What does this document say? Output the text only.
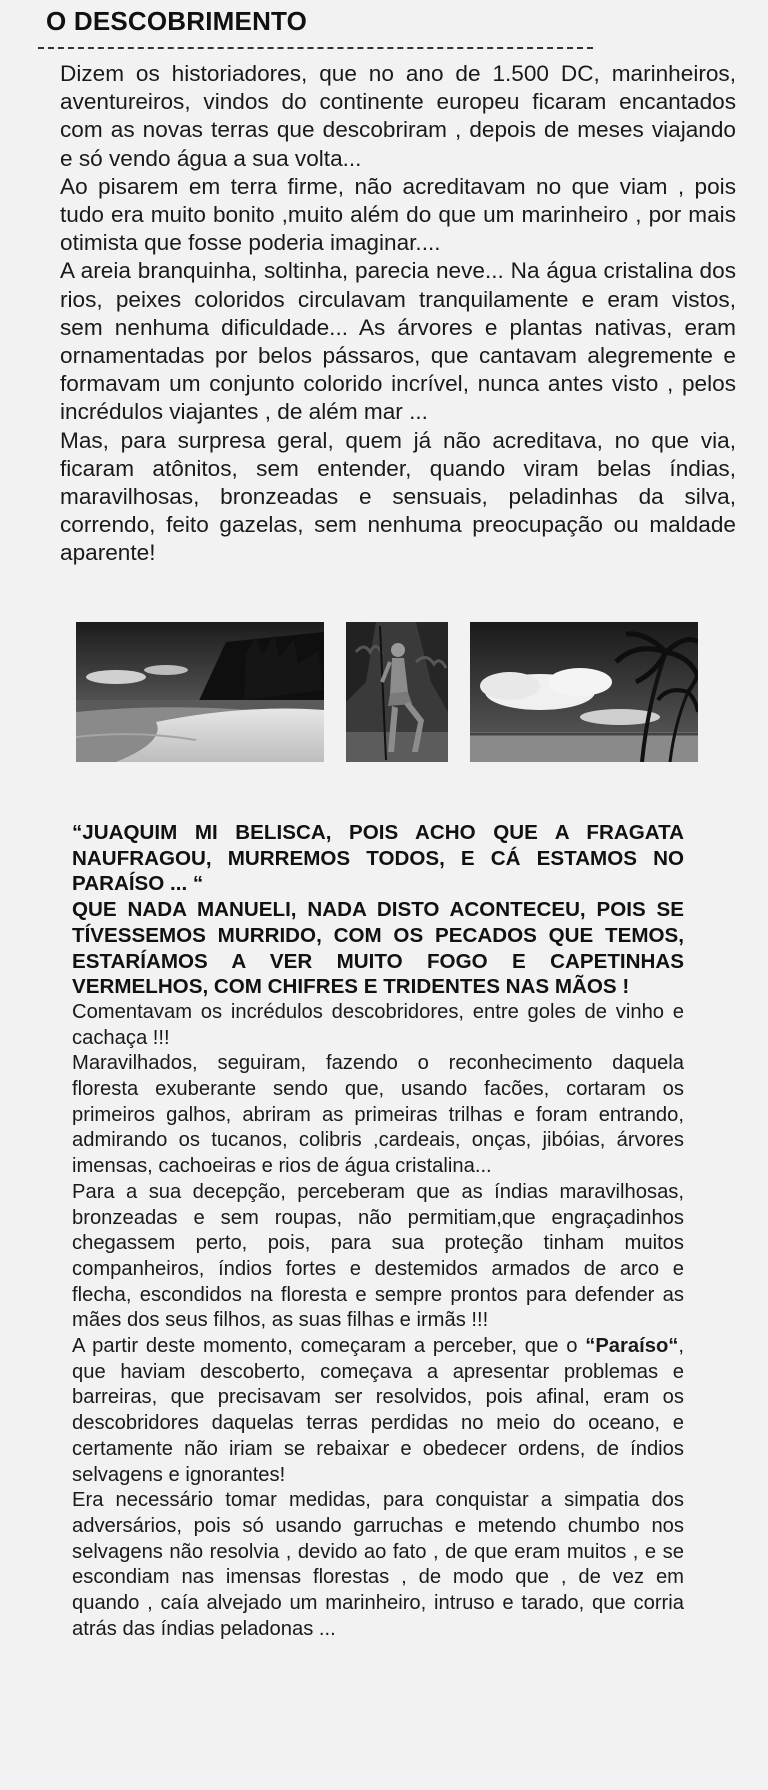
O DESCOBRIMENTO

Dizem os historiadores, que no ano de 1.500 DC, marinheiros, aventureiros, vindos do continente europeu ficaram encantados com as novas terras que descobriram , depois de meses viajando e só vendo água a sua volta...

Ao pisarem em terra firme, não acreditavam no que viam , pois tudo era muito bonito ,muito além do que um marinheiro , por mais otimista que fosse poderia imaginar....

A areia branquinha, soltinha, parecia neve... Na água cristalina dos rios, peixes coloridos circulavam tranquilamente e eram vistos, sem nenhuma dificuldade... As árvores e plantas nativas, eram ornamentadas por belos pássaros, que cantavam alegremente e formavam um conjunto colorido incrível, nunca antes visto , pelos incrédulos viajantes , de além mar ...

Mas, para surpresa geral, quem já não acreditava, no que via, ficaram atônitos, sem entender, quando viram belas índias, maravilhosas, bronzeadas e sensuais, peladinhas da silva, correndo, feito gazelas, sem nenhuma preocupação ou maldade aparente!

“JUAQUIM MI BELISCA, POIS ACHO QUE A FRAGATA NAUFRAGOU, MURREMOS TODOS, E CÁ ESTAMOS NO PARAÍSO ... “

QUE NADA MANUELI, NADA DISTO ACONTECEU, POIS SE TÍVESSEMOS MURRIDO, COM OS PECADOS QUE TEMOS, ESTARÍAMOS A VER MUITO FOGO E CAPETINHAS VERMELHOS, COM CHIFRES E TRIDENTES NAS MÃOS !

Comentavam os incrédulos descobridores, entre goles de vinho e cachaça !!!

Maravilhados, seguiram, fazendo o reconhecimento daquela floresta exuberante sendo que, usando facões, cortaram os primeiros galhos, abriram as primeiras trilhas e foram entrando, admirando os tucanos, colibris ,cardeais, onças, jibóias, árvores imensas, cachoeiras e rios de água cristalina...

Para a sua decepção, perceberam que as índias maravilhosas, bronzeadas e sem roupas, não permitiam,que engraçadinhos chegassem perto, pois, para sua proteção tinham muitos companheiros, índios fortes e destemidos armados de arco e flecha, escondidos na floresta e sempre prontos para defender as mães dos seus filhos, as suas filhas e irmãs !!!

A partir deste momento, começaram a perceber, que o “Paraíso“, que haviam descoberto, começava a apresentar problemas e barreiras, que precisavam ser resolvidos, pois afinal, eram os descobridores daquelas terras perdidas no meio do oceano, e certamente não iriam se rebaixar e obedecer ordens, de índios selvagens e ignorantes!

Era necessário tomar medidas, para conquistar a simpatia dos adversários, pois só usando garruchas e metendo chumbo nos selvagens não resolvia , devido ao fato , de que eram muitos , e se escondiam nas imensas florestas , de modo que , de vez em quando , caía alvejado um marinheiro, intruso e tarado, que corria atrás das índias peladonas ...
